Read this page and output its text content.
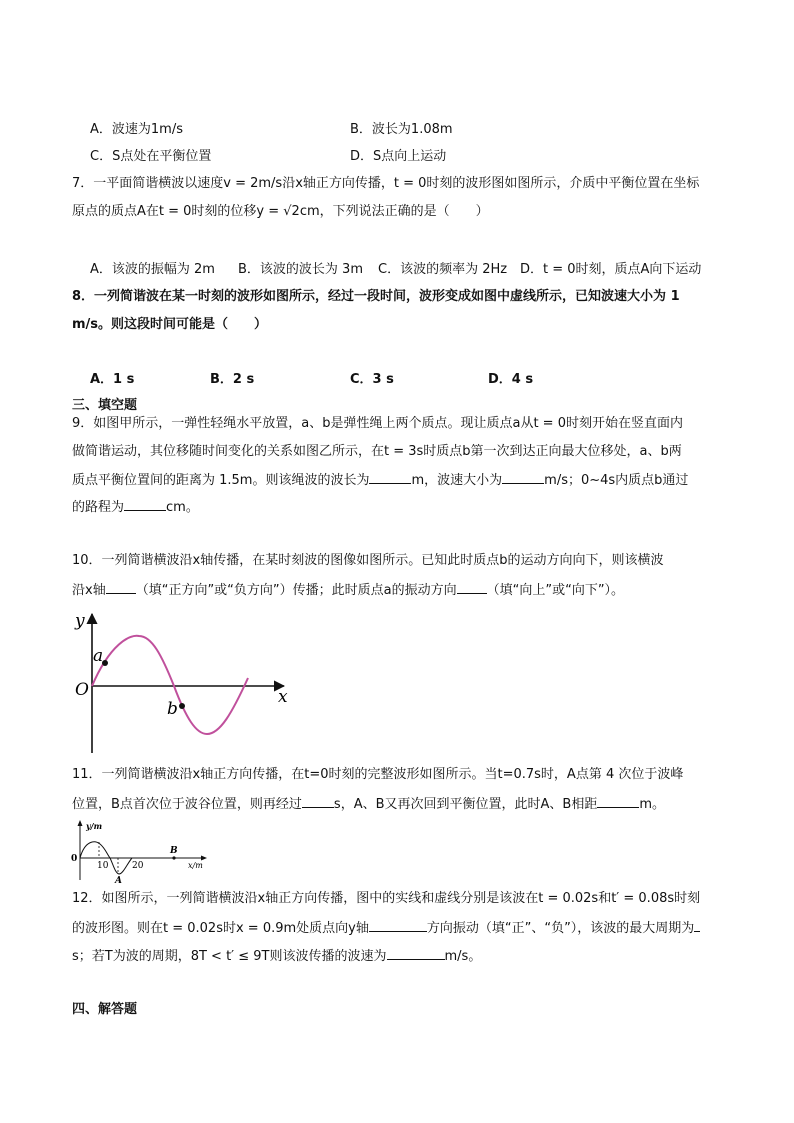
A．波速为1m/s	B．波长为1.08m
C．S点处在平衡位置	D．S点向上运动
7．一平面简谐横波以速度v = 2m/s沿x轴正方向传播，t = 0时刻的波形图如图所示，介质中平衡位置在坐标
原点的质点A在t = 0时刻的位移y = √2cm，下列说法正确的是（　　）
A．该波的振幅为 2m B．该波的波长为 3m C．该波的频率为 2Hz D．t = 0时刻，质点A向下运动
8．一列简谐波在某一时刻的波形如图所示，经过一段时间，波形变成如图中虚线所示，已知波速大小为 1
m/s。则这段时间可能是（　　）
A．1 s	B．2 s	C．3 s	D．4 s
三、填空题
9．如图甲所示，一弹性轻绳水平放置，a、b是弹性绳上两个质点。现让质点a从t = 0时刻开始在竖直面内
做简谐运动，其位移随时间变化的关系如图乙所示，在t = 3s时质点b第一次到达正向最大位移处，a、b两
质点平衡位置间的距离为 1.5m。则该绳波的波长为	m，波速大小为	m/s；0~4s内质点b通过
的路程为	cm。
10．一列简谐横波沿x轴传播，在某时刻波的图像如图所示。已知此时质点b的运动方向向下，则该横波
沿x轴 （填“正方向”或“负方向”）传播；此时质点a的振动方向 （填“向上”或“向下”）。
y
x
O
a
b
11．一列简谐横波沿x轴正方向传播，在t=0时刻的完整波形如图所示。当t=0.7s时，A点第 4 次位于波峰
位置，B点首次位于波谷位置，则再经过 s，A、B又再次回到平衡位置，此时A、B相距	m。
y/m
0
10	20
A
B
x/m
12．如图所示，一列简谐横波沿x轴正方向传播，图中的实线和虚线分别是该波在t = 0.02s和t′ = 0.08s时刻
的波形图。则在t = 0.02s时x = 0.9m处质点向y轴	方向振动（填“正”、“负”），该波的最大周期为
s；若T为波的周期，8T < t′ ≤ 9T则该波传播的波速为	m/s。
四、解答题
